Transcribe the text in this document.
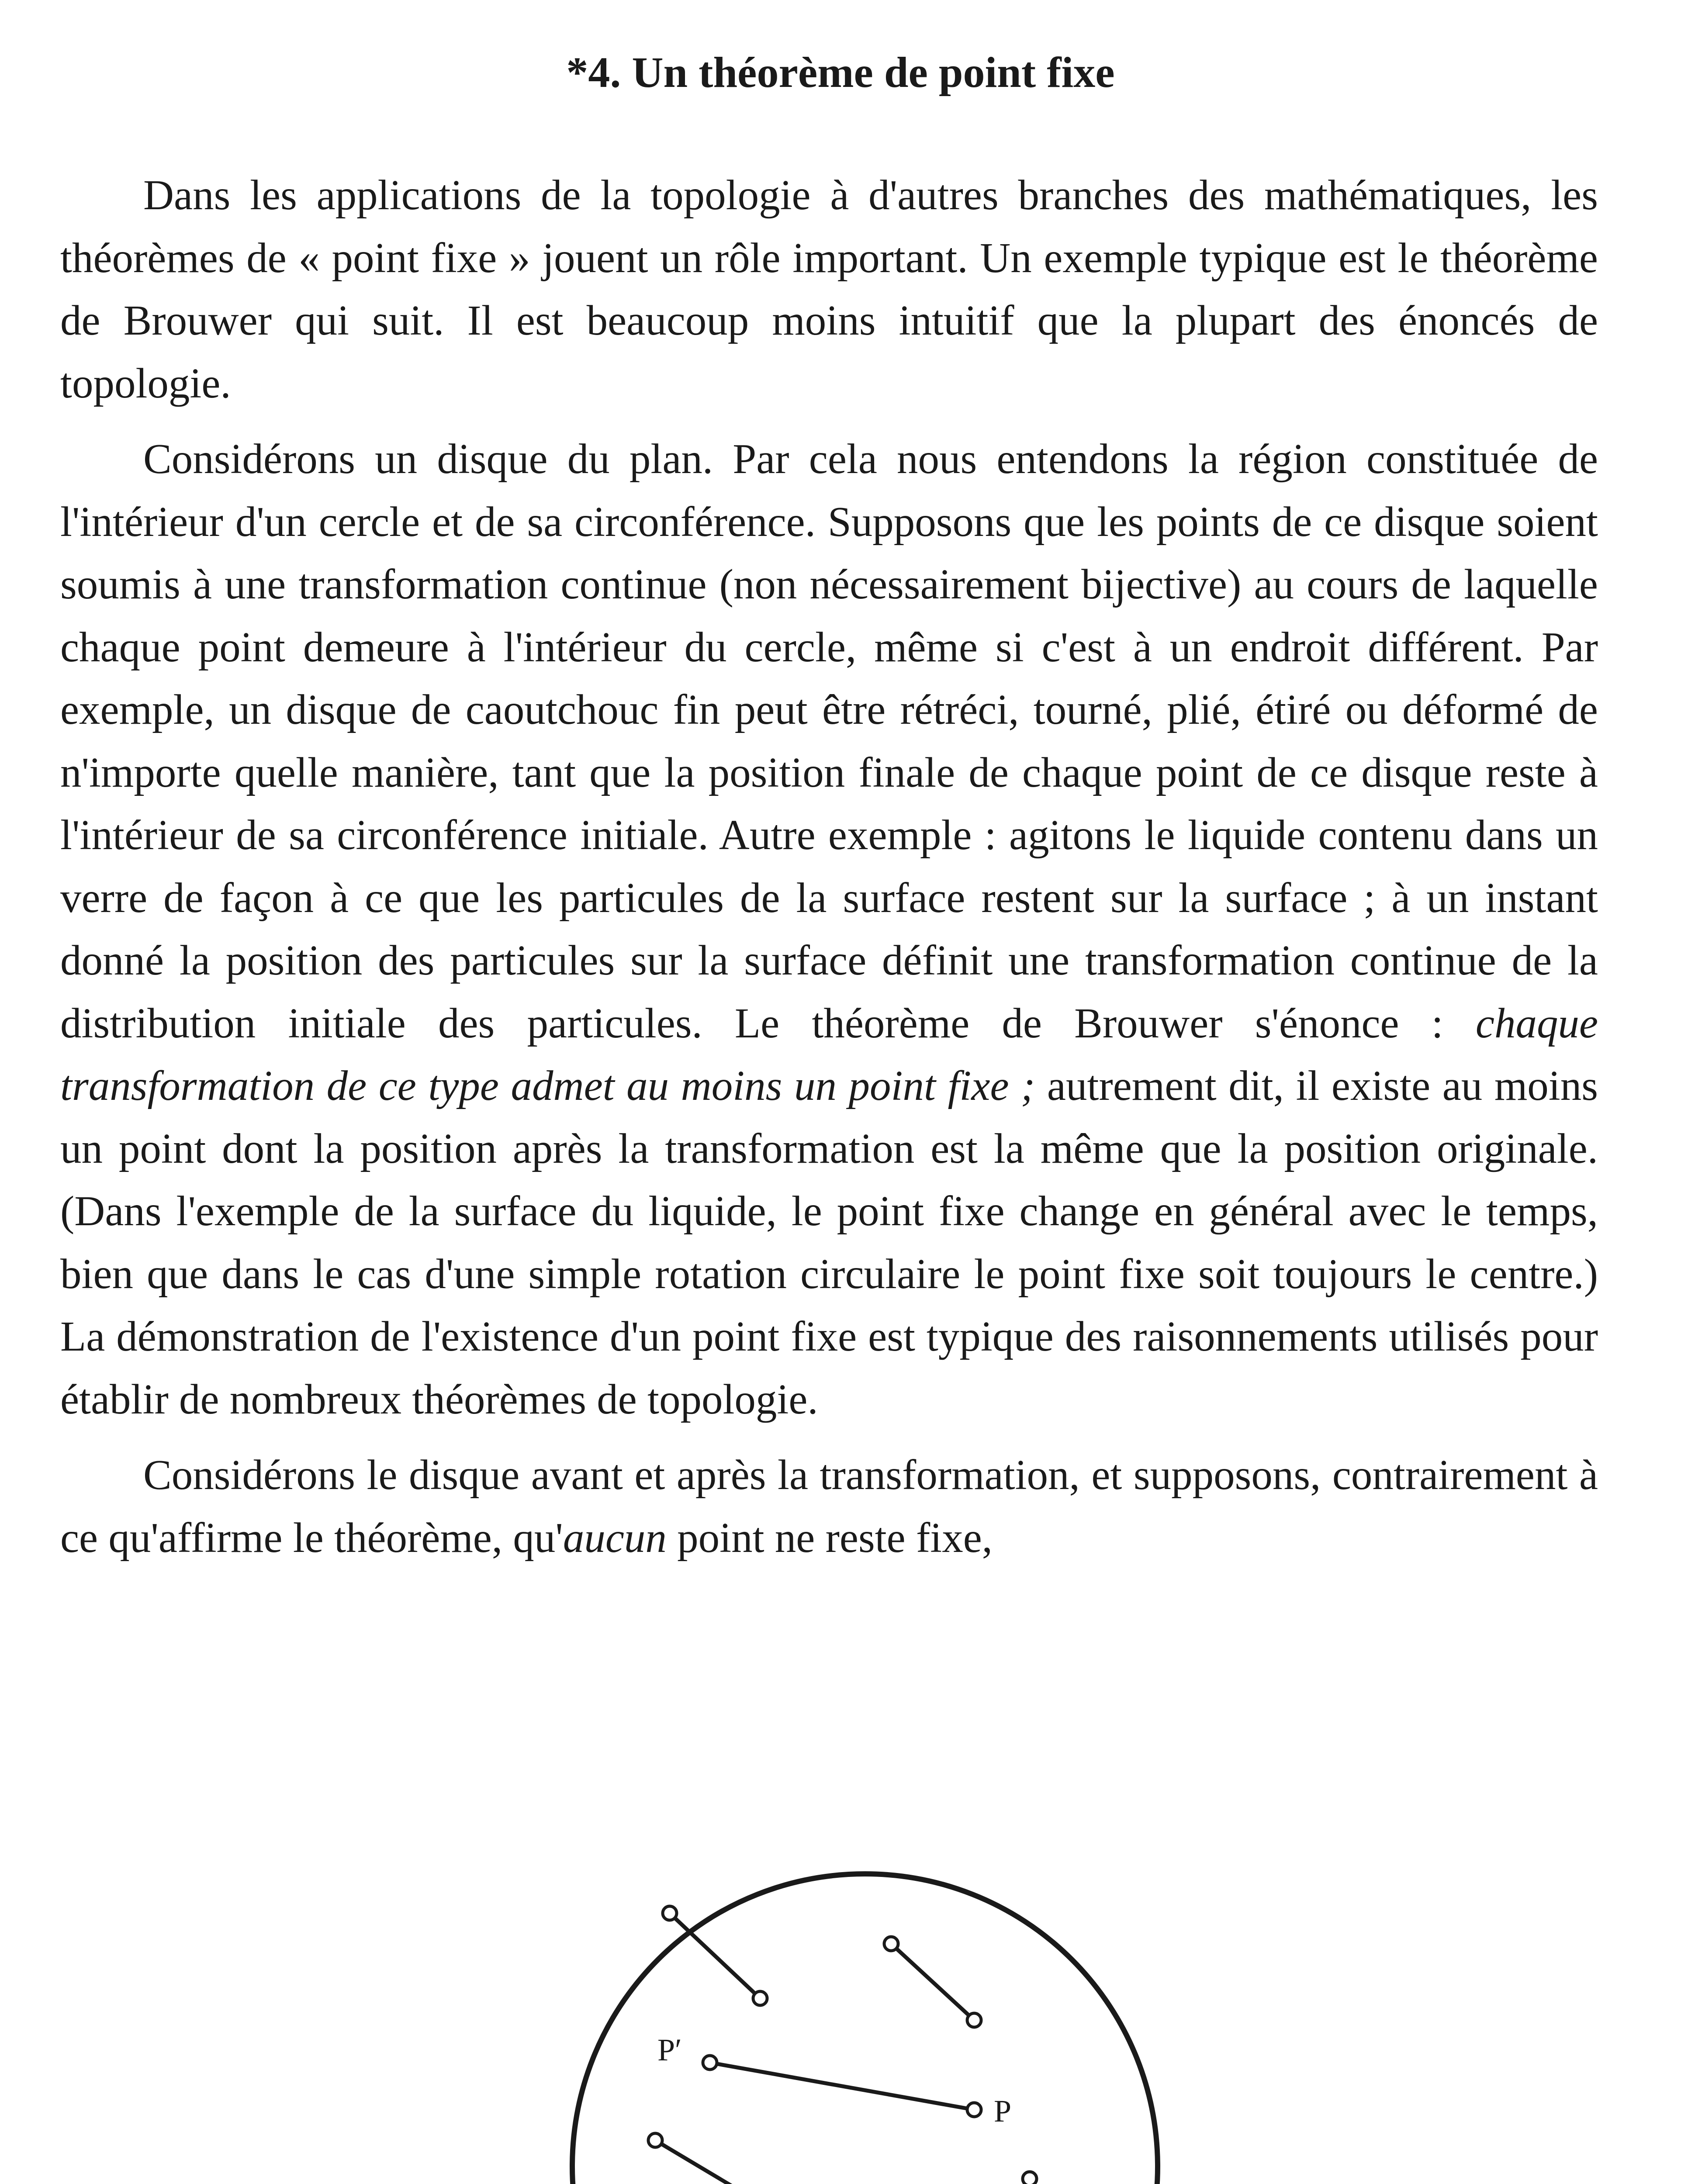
*4. Un théorème de point fixe

Dans les applications de la topologie à d'autres branches des mathématiques, les théorèmes de « point fixe » jouent un rôle important. Un exemple typique est le théorème de Brouwer qui suit. Il est beaucoup moins intuitif que la plupart des énoncés de topologie.

Considérons un disque du plan. Par cela nous entendons la région constituée de l'intérieur d'un cercle et de sa circonférence. Supposons que les points de ce disque soient soumis à une transformation continue (non nécessairement bijective) au cours de laquelle chaque point demeure à l'intérieur du cercle, même si c'est à un endroit différent. Par exemple, un disque de caoutchouc fin peut être rétréci, tourné, plié, étiré ou déformé de n'importe quelle manière, tant que la position finale de chaque point de ce disque reste à l'intérieur de sa circonférence initiale. Autre exemple : agitons le liquide contenu dans un verre de façon à ce que les particules de la surface restent sur la surface ; à un instant donné la position des particules sur la surface définit une transformation continue de la distribution initiale des particules. Le théorème de Brouwer s'énonce : chaque transformation de ce type admet au moins un point fixe ; autrement dit, il existe au moins un point dont la position après la transformation est la même que la position originale. (Dans l'exemple de la surface du liquide, le point fixe change en général avec le temps, bien que dans le cas d'une simple rotation circulaire le point fixe soit toujours le centre.) La démonstration de l'existence d'un point fixe est typique des raisonnements utilisés pour établir de nombreux théorèmes de topologie.

Considérons le disque avant et après la transformation, et supposons, contrairement à ce qu'affirme le théorème, qu'aucun point ne reste fixe,

P
P′
